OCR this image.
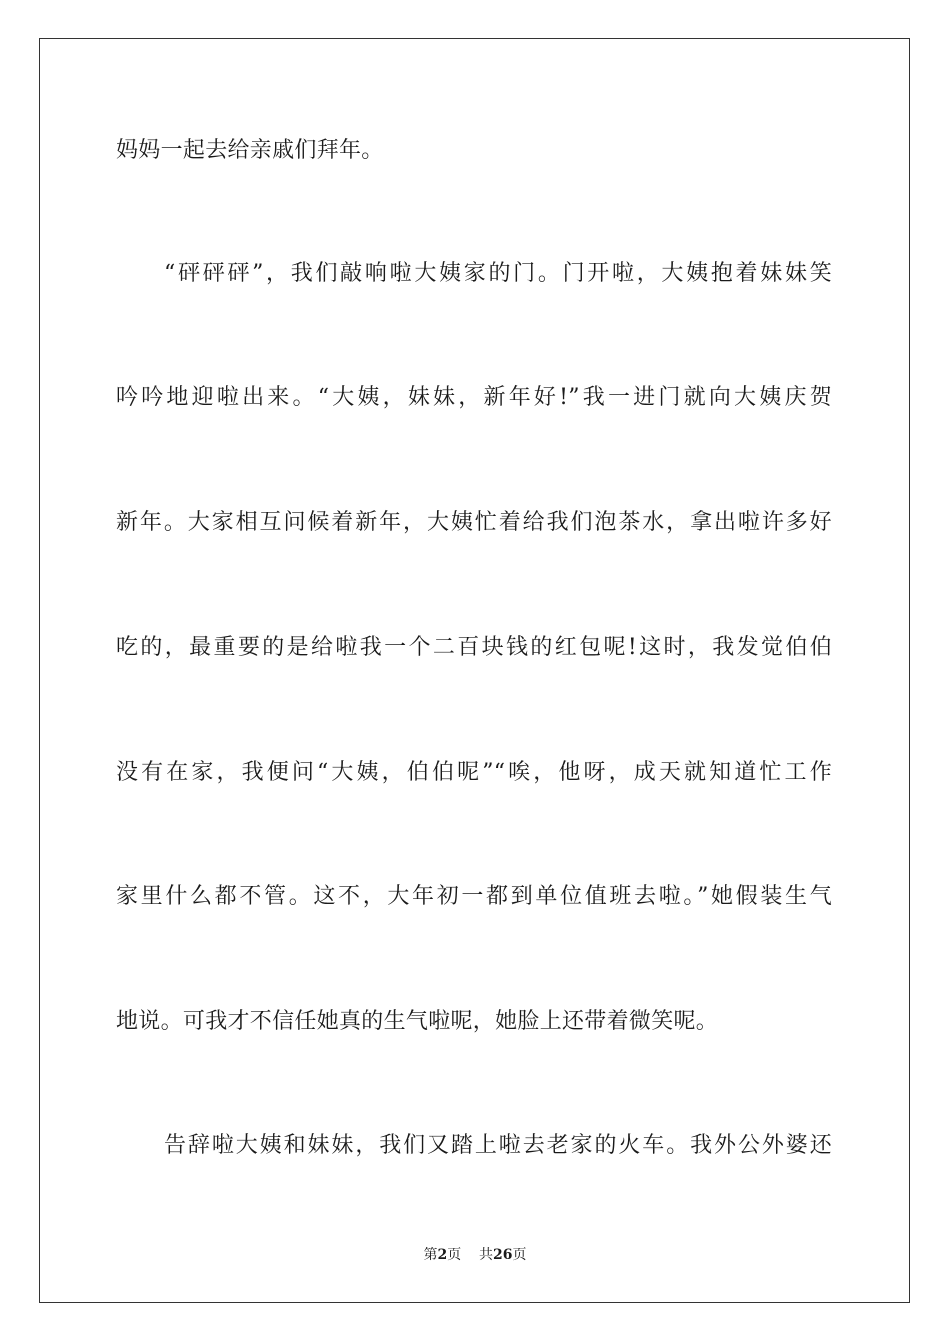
妈妈一起去给亲戚们拜年。
“砰砰砰”，我们敲响啦大姨家的门。门开啦，大姨抱着妹妹笑
吟吟地迎啦出来。“大姨，妹妹，新年好!”我一进门就向大姨庆贺
新年。大家相互问候着新年，大姨忙着给我们泡茶水，拿出啦许多好
吃的，最重要的是给啦我一个二百块钱的红包呢!这时，我发觉伯伯
没有在家，我便问“大姨，伯伯呢”“唉，他呀，成天就知道忙工作
家里什么都不管。这不，大年初一都到单位值班去啦。”她假装生气
地说。可我才不信任她真的生气啦呢，她脸上还带着微笑呢。
告辞啦大姨和妹妹，我们又踏上啦去老家的火车。我外公外婆还
第2页 共26页
